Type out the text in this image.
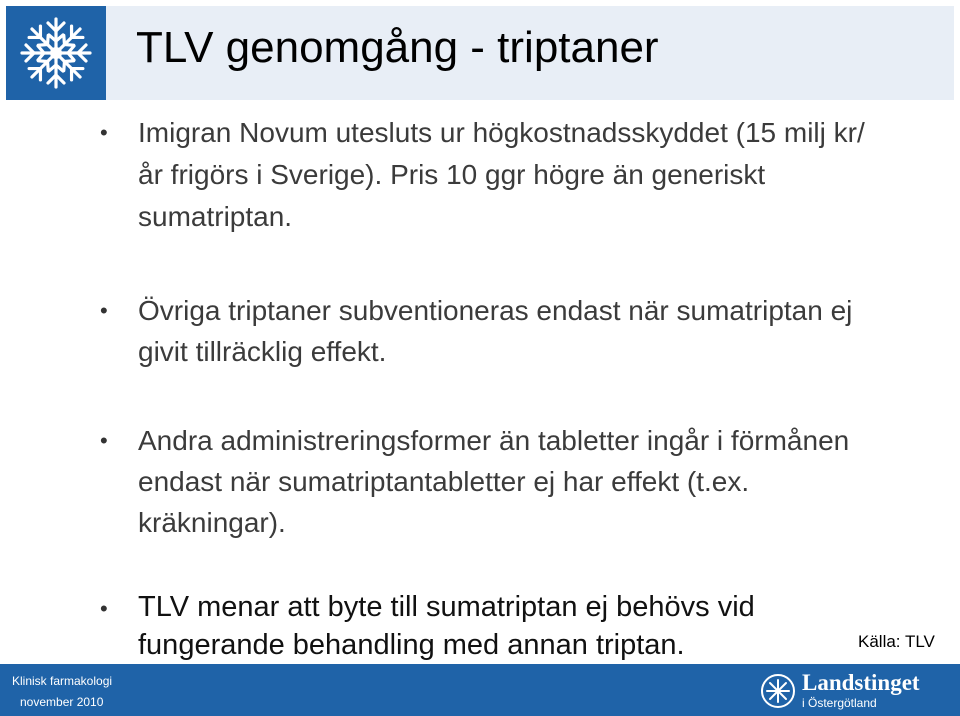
TLV genomgång - triptaner
• Imigran Novum utesluts ur högkostnadsskyddet (15 milj kr/år frigörs i Sverige). Pris 10 ggr högre än generiskt sumatriptan.
• Övriga triptaner subventioneras endast när sumatriptan ej givit tillräcklig effekt.
• Andra administreringsformer än tabletter ingår i förmånen endast när sumatriptantabletter ej har effekt (t.ex. kräkningar).
• TLV menar att byte till sumatriptan ej behövs vid fungerande behandling med annan triptan.	Källa: TLV
Klinisk farmakologi
november 2010
Landstinget
i Östergötland
